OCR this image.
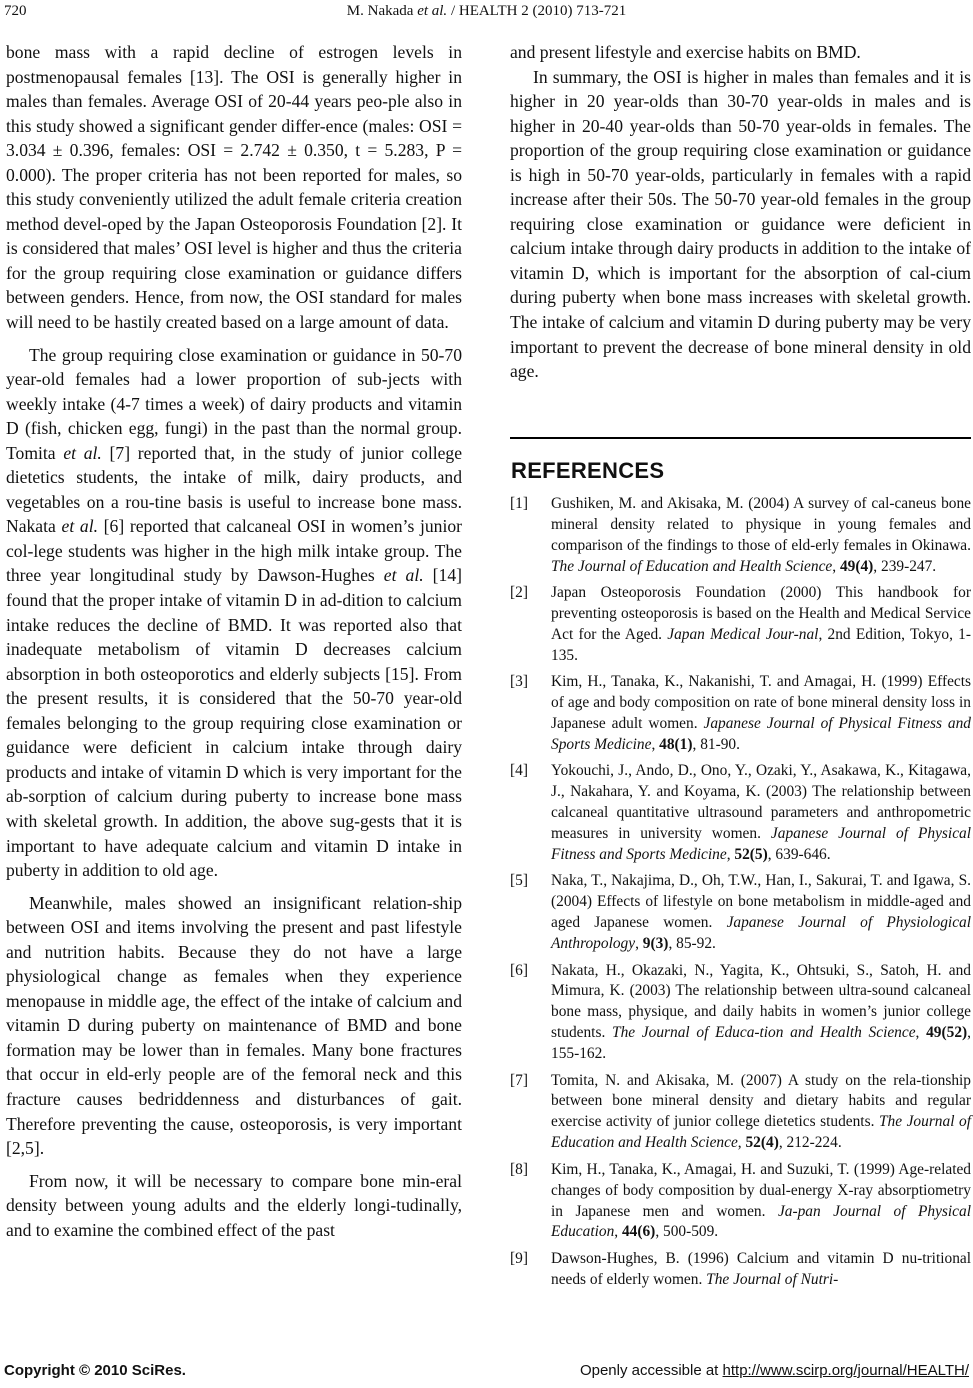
720	M. Nakada et al. / HEALTH 2 (2010) 713-721

bone mass with a rapid decline of estrogen levels in postmenopausal females [13]. The OSI is generally higher in males than females. Average OSI of 20-44 years peo-ple also in this study showed a significant gender differ-ence (males: OSI = 3.034 ± 0.396, females: OSI = 2.742 ± 0.350, t = 5.283, P = 0.000). The proper criteria has not been reported for males, so this study conveniently utilized the adult female criteria creation method devel-oped by the Japan Osteoporosis Foundation [2]. It is considered that males’ OSI level is higher and thus the criteria for the group requiring close examination or guidance differs between genders. Hence, from now, the OSI standard for males will need to be hastily created based on a large amount of data.

The group requiring close examination or guidance in 50-70 year-old females had a lower proportion of sub-jects with weekly intake (4-7 times a week) of dairy products and vitamin D (fish, chicken egg, fungi) in the past than the normal group. Tomita et al. [7] reported that, in the study of junior college dietetics students, the intake of milk, dairy products, and vegetables on a rou-tine basis is useful to increase bone mass. Nakata et al. [6] reported that calcaneal OSI in women’s junior col-lege students was higher in the high milk intake group. The three year longitudinal study by Dawson-Hughes et al. [14] found that the proper intake of vitamin D in ad-dition to calcium intake reduces the decline of BMD. It was reported also that inadequate metabolism of vitamin D decreases calcium absorption in both osteoporotics and elderly subjects [15]. From the present results, it is considered that the 50-70 year-old females belonging to the group requiring close examination or guidance were deficient in calcium intake through dairy products and intake of vitamin D which is very important for the ab-sorption of calcium during puberty to increase bone mass with skeletal growth. In addition, the above sug-gests that it is important to have adequate calcium and vitamin D intake in puberty in addition to old age.

Meanwhile, males showed an insignificant relation-ship between OSI and items involving the present and past lifestyle and nutrition habits. Because they do not have a large physiological change as females when they experience menopause in middle age, the effect of the intake of calcium and vitamin D during puberty on maintenance of BMD and bone formation may be lower than in females. Many bone fractures that occur in eld-erly people are of the femoral neck and this fracture causes bedriddenness and disturbances of gait. Therefore preventing the cause, osteoporosis, is very important [2,5].

From now, it will be necessary to compare bone min-eral density between young adults and the elderly longi-tudinally, and to examine the combined effect of the past

and present lifestyle and exercise habits on BMD.

In summary, the OSI is higher in males than females and it is higher in 20 year-olds than 30-70 year-olds in males and is higher in 20-40 year-olds than 50-70 year-olds in females. The proportion of the group requiring close examination or guidance is high in 50-70 year-olds, particularly in females with a rapid increase after their 50s. The 50-70 year-old females in the group requiring close examination or guidance were deficient in calcium intake through dairy products in addition to the intake of vitamin D, which is important for the absorption of cal-cium during puberty when bone mass increases with skeletal growth. The intake of calcium and vitamin D during puberty may be very important to prevent the decrease of bone mineral density in old age.

REFERENCES
[1] Gushiken, M. and Akisaka, M. (2004) A survey of cal-caneus bone mineral density related to physique in young females and comparison of the findings to those of eld-erly females in Okinawa. The Journal of Education and Health Science, 49(4), 239-247.
[2] Japan Osteoporosis Foundation (2000) This handbook for preventing osteoporosis is based on the Health and Medical Service Act for the Aged. Japan Medical Jour-nal, 2nd Edition, Tokyo, 1-135.
[3] Kim, H., Tanaka, K., Nakanishi, T. and Amagai, H. (1999) Effects of age and body composition on rate of bone mineral density loss in Japanese adult women. Japanese Journal of Physical Fitness and Sports Medicine, 48(1), 81-90.
[4] Yokouchi, J., Ando, D., Ono, Y., Ozaki, Y., Asakawa, K., Kitagawa, J., Nakahara, Y. and Koyama, K. (2003) The relationship between calcaneal quantitative ultrasound parameters and anthropometric measures in university women. Japanese Journal of Physical Fitness and Sports Medicine, 52(5), 639-646.
[5] Naka, T., Nakajima, D., Oh, T.W., Han, I., Sakurai, T. and Igawa, S. (2004) Effects of lifestyle on bone metabolism in middle-aged and aged Japanese women. Japanese Journal of Physiological Anthropology, 9(3), 85-92.
[6] Nakata, H., Okazaki, N., Yagita, K., Ohtsuki, S., Satoh, H. and Mimura, K. (2003) The relationship between ultra-sound calcaneal bone mass, physique, and daily habits in women’s junior college students. The Journal of Educa-tion and Health Science, 49(52), 155-162.
[7] Tomita, N. and Akisaka, M. (2007) A study on the rela-tionship between bone mineral density and dietary habits and regular exercise activity of junior college dietetics students. The Journal of Education and Health Science, 52(4), 212-224.
[8] Kim, H., Tanaka, K., Amagai, H. and Suzuki, T. (1999) Age-related changes of body composition by dual-energy X-ray absorptiometry in Japanese men and women. Ja-pan Journal of Physical Education, 44(6), 500-509.
[9] Dawson-Hughes, B. (1996) Calcium and vitamin D nu-tritional needs of elderly women. The Journal of Nutri-
Copyright © 2010 SciRes.	Openly accessible at http://www.scirp.org/journal/HEALTH/
